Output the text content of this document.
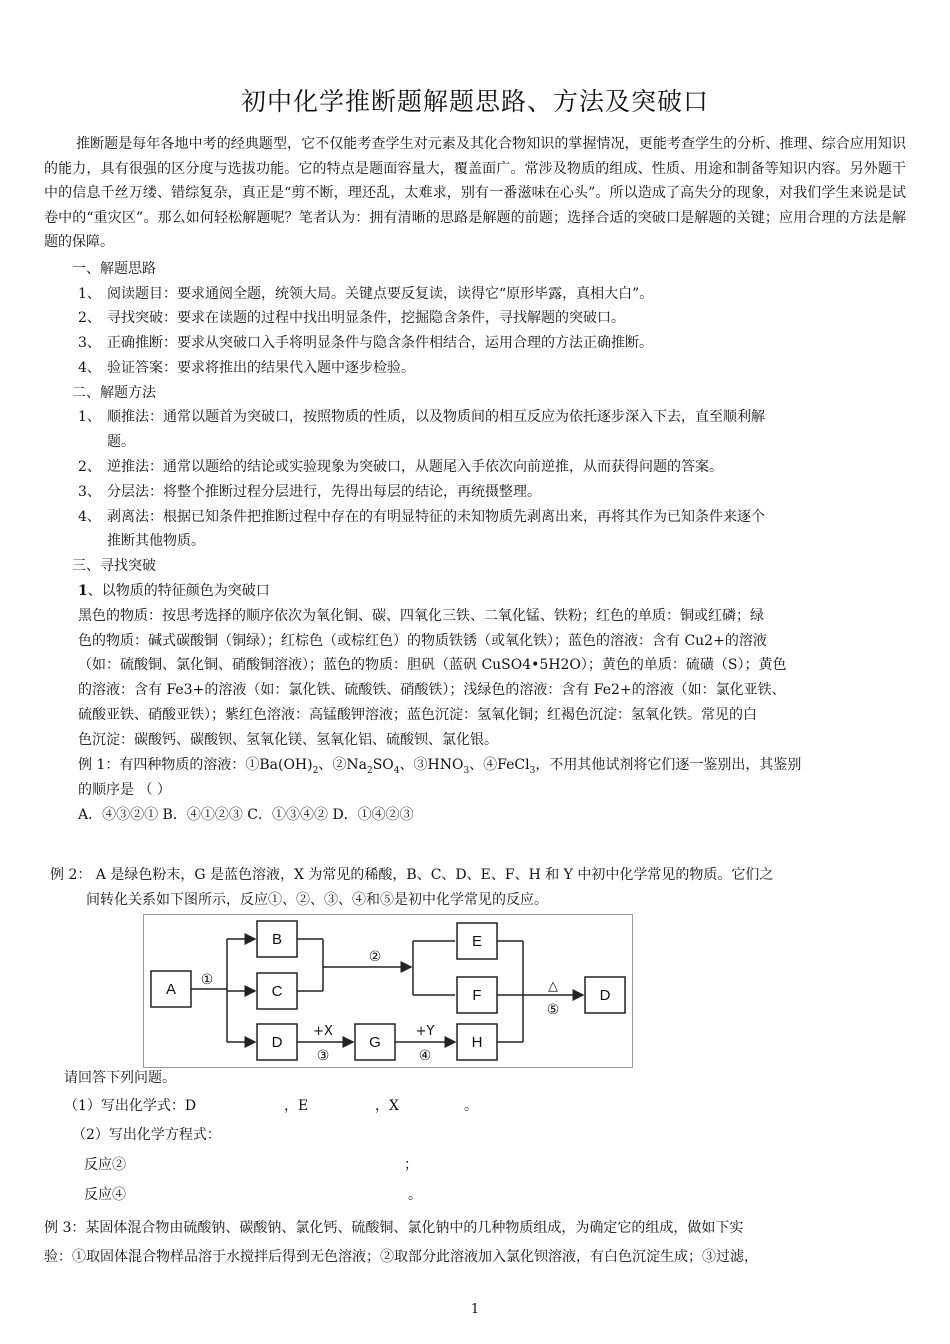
初中化学推断题解题思路、方法及突破口
推断题是每年各地中考的经典题型，它不仅能考查学生对元素及其化合物知识的掌握情况，更能考查学生的分析、推理、综合应用知识的能力，具有很强的区分度与选拔功能。它的特点是题面容量大，覆盖面广。常涉及物质的组成、性质、用途和制备等知识内容。另外题干中的信息千丝万缕、错综复杂，真正是“剪不断，理还乱，太难求，别有一番滋味在心头”。所以造成了高失分的现象，对我们学生来说是试卷中的“重灾区”。那么如何轻松解题呢？笔者认为：拥有清晰的思路是解题的前题；选择合适的突破口是解题的关键；应用合理的方法是解题的保障。
一、解题思路
1、 阅读题目：要求通阅全题，统领大局。关键点要反复读，读得它“原形毕露，真相大白”。
2、 寻找突破：要求在读题的过程中找出明显条件，挖掘隐含条件，寻找解题的突破口。
3、 正确推断：要求从突破口入手将明显条件与隐含条件相结合，运用合理的方法正确推断。
4、 验证答案：要求将推出的结果代入题中逐步检验。
二、解题方法
1、 顺推法：通常以题首为突破口，按照物质的性质，以及物质间的相互反应为依托逐步深入下去，直至顺利解
题。
2、 逆推法：通常以题给的结论或实验现象为突破口，从题尾入手依次向前逆推，从而获得问题的答案。
3、 分层法：将整个推断过程分层进行，先得出每层的结论，再统摄整理。
4、 剥离法：根据已知条件把推断过程中存在的有明显特征的未知物质先剥离出来，再将其作为已知条件来逐个
推断其他物质。
三、寻找突破
1、以物质的特征颜色为突破口
黑色的物质：按思考选择的顺序依次为氧化铜、碳、四氧化三铁、二氧化锰、铁粉；红色的单质：铜或红磷；绿
色的物质：碱式碳酸铜（铜绿）；红棕色（或棕红色）的物质铁锈（或氧化铁）；蓝色的溶液：含有 Cu2+的溶液
（如：硫酸铜、氯化铜、硝酸铜溶液）；蓝色的物质：胆矾（蓝矾 CuSO4•5H2O）；黄色的单质：硫磺（S）；黄色
的溶液：含有 Fe3+的溶液（如：氯化铁、硫酸铁、硝酸铁）；浅绿色的溶液：含有 Fe2+的溶液（如：氯化亚铁、
硫酸亚铁、硝酸亚铁）；紫红色溶液：高锰酸钾溶液；蓝色沉淀：氢氧化铜；红褐色沉淀：氢氧化铁。常见的白
色沉淀：碳酸钙、碳酸钡、氢氧化镁、氢氧化铝、硫酸钡、氯化银。
例 1：有四种物质的溶液：$①Ba(OH)_2$、$②Na_2SO_4$、$③HNO_3$、④FeCl$_3$，不用其他试剂将它们逐一鉴别出，其鉴别
的顺序是 （ ）
A．④③②① B．④①②③ C．①③④② D．①④②③
例 2： A 是绿色粉末，G 是蓝色溶液，X 为常见的稀酸，B、C、D、E、F、H 和 Y 中初中化学常见的物质。它们之
间转化关系如下图所示，反应①、②、③、④和⑤是初中化学常见的反应。
A
B
C
D	G
E
F
H
D
①
②
③	④
⑤
+X	+Y
△
请回答下列问题。
（1）写出化学式：D	，E	，X	。
（2）写出化学方程式：
反应②	；
反应④	。
例 3：某固体混合物由硫酸钠、碳酸钠、氯化钙、硫酸铜、氯化钠中的几种物质组成，为确定它的组成，做如下实
验：①取固体混合物样品溶于水搅拌后得到无色溶液；②取部分此溶液加入氯化钡溶液，有白色沉淀生成；③过滤，
1
